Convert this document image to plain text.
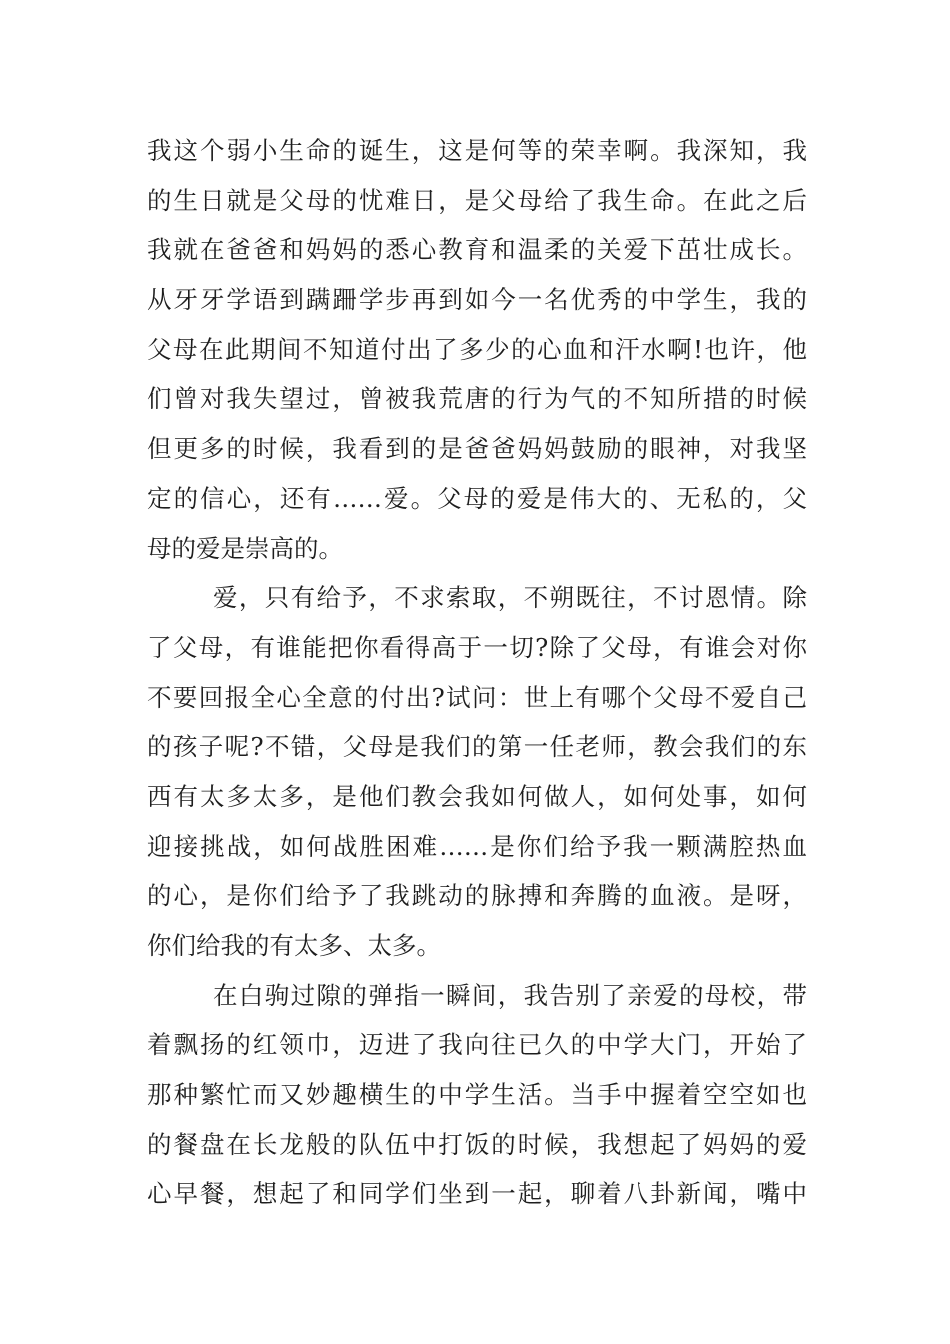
我这个弱小生命的诞生，这是何等的荣幸啊。我深知，我
的生日就是父母的忧难日，是父母给了我生命。在此之后
我就在爸爸和妈妈的悉心教育和温柔的关爱下茁壮成长。
从牙牙学语到蹒跚学步再到如今一名优秀的中学生，我的
父母在此期间不知道付出了多少的心血和汗水啊!也许，他
们曾对我失望过，曾被我荒唐的行为气的不知所措的时候
但更多的时候，我看到的是爸爸妈妈鼓励的眼神，对我坚
定的信心，还有……爱。父母的爱是伟大的、无私的，父
母的爱是崇高的。
爱，只有给予，不求索取，不朔既往，不讨恩情。除
了父母，有谁能把你看得高于一切?除了父母，有谁会对你
不要回报全心全意的付出?试问：世上有哪个父母不爱自己
的孩子呢?不错，父母是我们的第一任老师，教会我们的东
西有太多太多，是他们教会我如何做人，如何处事，如何
迎接挑战，如何战胜困难……是你们给予我一颗满腔热血
的心，是你们给予了我跳动的脉搏和奔腾的血液。是呀，
你们给我的有太多、太多。
在白驹过隙的弹指一瞬间，我告别了亲爱的母校，带
着飘扬的红领巾，迈进了我向往已久的中学大门，开始了
那种繁忙而又妙趣横生的中学生活。当手中握着空空如也
的餐盘在长龙般的队伍中打饭的时候，我想起了妈妈的爱
心早餐，想起了和同学们坐到一起，聊着八卦新闻，嘴中
